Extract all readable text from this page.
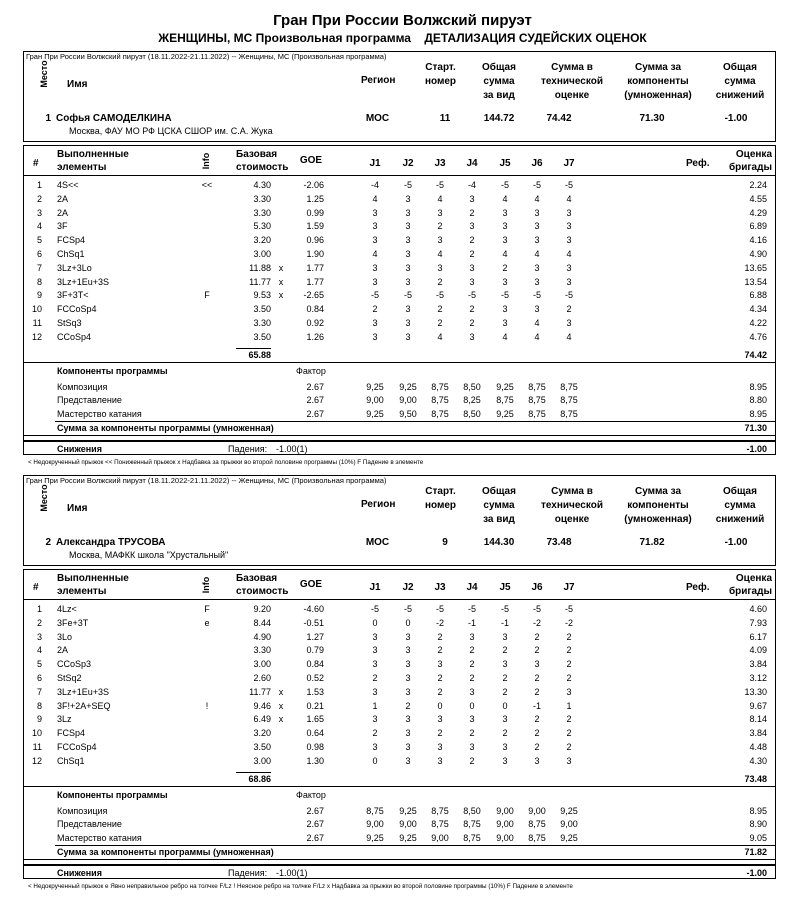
Гран При России Волжский пируэт
ЖЕНЩИНЫ, МС Произвольная программа    ДЕТАЛИЗАЦИЯ СУДЕЙСКИХ ОЦЕНОК
Гран При России Волжский пируэт (18.11.2022-21.11.2022) -- Женщины, МС (Произвольная программа)
Место Имя	Регион
Старт.
номер
Общая
сумма
за вид
Сумма в
технической
оценке
Сумма за
компоненты
(умноженная)
Общая
сумма
снижений
1 Софья САМОДЕЛКИНА
Москва, ФАУ МО РФ ЦСКА СШОР им. С.А. Жука
МОС	11	144.72	74.42	71.30	-1.00
#
Выполненные
элементы	Info	Базовая
стоимость
GOE	J1	J2	J3	J4	J5	J6	J7	Реф.
Оценка
бригады
1 4S<<	<<	4.30	-2.06	-4	-5	-5	-4	-5	-5	-5	2.24
2 2A	3.30	1.25	4	3	4	3	4	4	4	4.55
3 2A	3.30	0.99	3	3	3	2	3	3	3	4.29
4 3F	5.30	1.59	3	3	2	3	3	3	3	6.89
5 FCSp4	3.20	0.96	3	3	3	2	3	3	3	4.16
6 ChSq1	3.00	1.90	4	3	4	2	4	4	4	4.90
7 3Lz+3Lo	11.88 x	1.77	3	3	3	3	2	3	3	13.65
8 3Lz+1Eu+3S	11.77 x	1.77	3	3	2	3	3	3	3	13.54
9 3F+3T<	F	9.53 x	-2.65	-5	-5	-5	-5	-5	-5	-5	6.88
10 FCCoSp4	3.50	0.84	2	3	2	2	3	3	2	4.34
11 StSq3	3.30	0.92	3	3	2	2	3	4	3	4.22
12 CCoSp4	3.50	1.26	3	3	4	3	4	4	4	4.76
65.88	74.42
Компоненты программы	Фактор
Композиция	2.67	9,25	9,25	8,75	8,50	9,25	8,75	8,75	8.95
Представление	2.67	9,00	9,00	8,75	8,25	8,75	8,75	8,75	8.80
Мастерство катания	2.67	9,25	9,50	8,75	8,50	9,25	8,75	8,75	8.95
Сумма за компоненты программы (умноженная)	71.30
Снижения	Падения: -1.00(1)	-1.00
< Недокрученный прыжок << Пониженный прыжок x Надбавка за прыжки во второй половине программы (10%) F Падение в элементе
Гран При России Волжский пируэт (18.11.2022-21.11.2022) -- Женщины, МС (Произвольная программа)
Место Имя	Регион
Старт.
номер
Общая
сумма
за вид
Сумма в
технической
оценке
Сумма за
компоненты
(умноженная)
Общая
сумма
снижений
2 Александра ТРУСОВА
Москва, МАФКК школа "Хрустальный"
МОС	9	144.30	73.48	71.82	-1.00
#
Выполненные
элементы	Info	Базовая
стоимость
GOE	J1	J2	J3	J4	J5	J6	J7	Реф.
Оценка
бригады
1 4Lz<	F	9.20	-4.60	-5	-5	-5	-5	-5	-5	-5	4.60
2 3Fe+3T	e	8.44	-0.51	0	0	-2	-1	-1	-2	-2	7.93
3 3Lo	4.90	1.27	3	3	2	3	3	2	2	6.17
4 2A	3.30	0.79	3	3	2	2	2	2	2	4.09
5 CCoSp3	3.00	0.84	3	3	3	2	3	3	2	3.84
6 StSq2	2.60	0.52	2	3	2	2	2	2	2	3.12
7 3Lz+1Eu+3S	11.77 x	1.53	3	3	2	3	2	2	3	13.30
8 3F!+2A+SEQ	!	9.46 x	0.21	1	2	0	0	0	-1	1	9.67
9 3Lz	6.49 x	1.65	3	3	3	3	3	2	2	8.14
10 FCSp4	3.20	0.64	2	3	2	2	2	2	2	3.84
11 FCCoSp4	3.50	0.98	3	3	3	3	3	2	2	4.48
12 ChSq1	3.00	1.30	0	3	3	2	3	3	3	4.30
68.86	73.48
Компоненты программы	Фактор
Композиция	2.67	8,75	9,25	8,75	8,50	9,00	9,00	9,25	8.95
Представление	2.67	9,00	9,00	8,75	8,75	9,00	8,75	9,00	8.90
Мастерство катания	2.67	9,25	9,25	9,00	8,75	9,00	8,75	9,25	9.05
Сумма за компоненты программы (умноженная)	71.82
Снижения	Падения: -1.00(1)	-1.00
< Недокрученный прыжок e Явно неправильное ребро на толчке F/Lz ! Неясное ребро на толчке F/Lz x Надбавка за прыжки во второй половине программы (10%) F Падение в элементе
